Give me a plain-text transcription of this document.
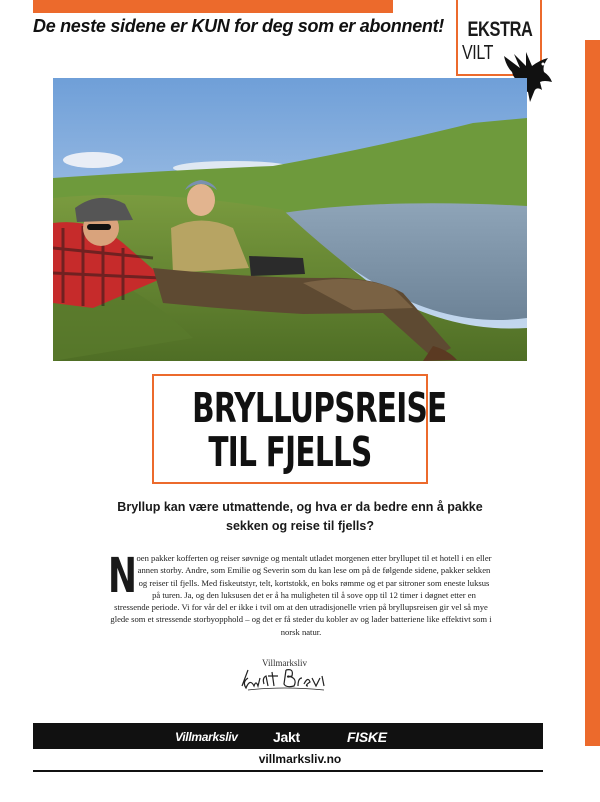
De neste sidene er KUN for deg som er abonnent! EKSTRA
VILT
BRYLLUPSREISE
TIL FJELLS
Bryllup kan være utmattende, og hva er da bedre enn å pakke sekken og reise til fjells?
N oen pakker kofferten og reiser søvnige og mentalt utladet morgenen etter bryllupet til et hotell i en eller annen storby. Andre, som Emilie og Severin som du kan lese om på de følgende sidene, pakker sekken og reiser til fjells. Med fiskeutstyr, telt, kortstokk, en boks rømme og et par sitroner som eneste luksus på turen. Ja, og den luksusen det er å ha muligheten til å sove opp til 12 timer i døgnet etter en stressende periode. Vi for vår del er ikke i tvil om at den utradisjonelle vrien på bryllupsreisen gir vel så mye glede som et stressende storbyopphold – og det er få steder du kobler av og lader batteriene like effektivt som i norsk natur.

Villmarksliv
Villmarksliv	Jakt	FISKE
villmarksliv.no
